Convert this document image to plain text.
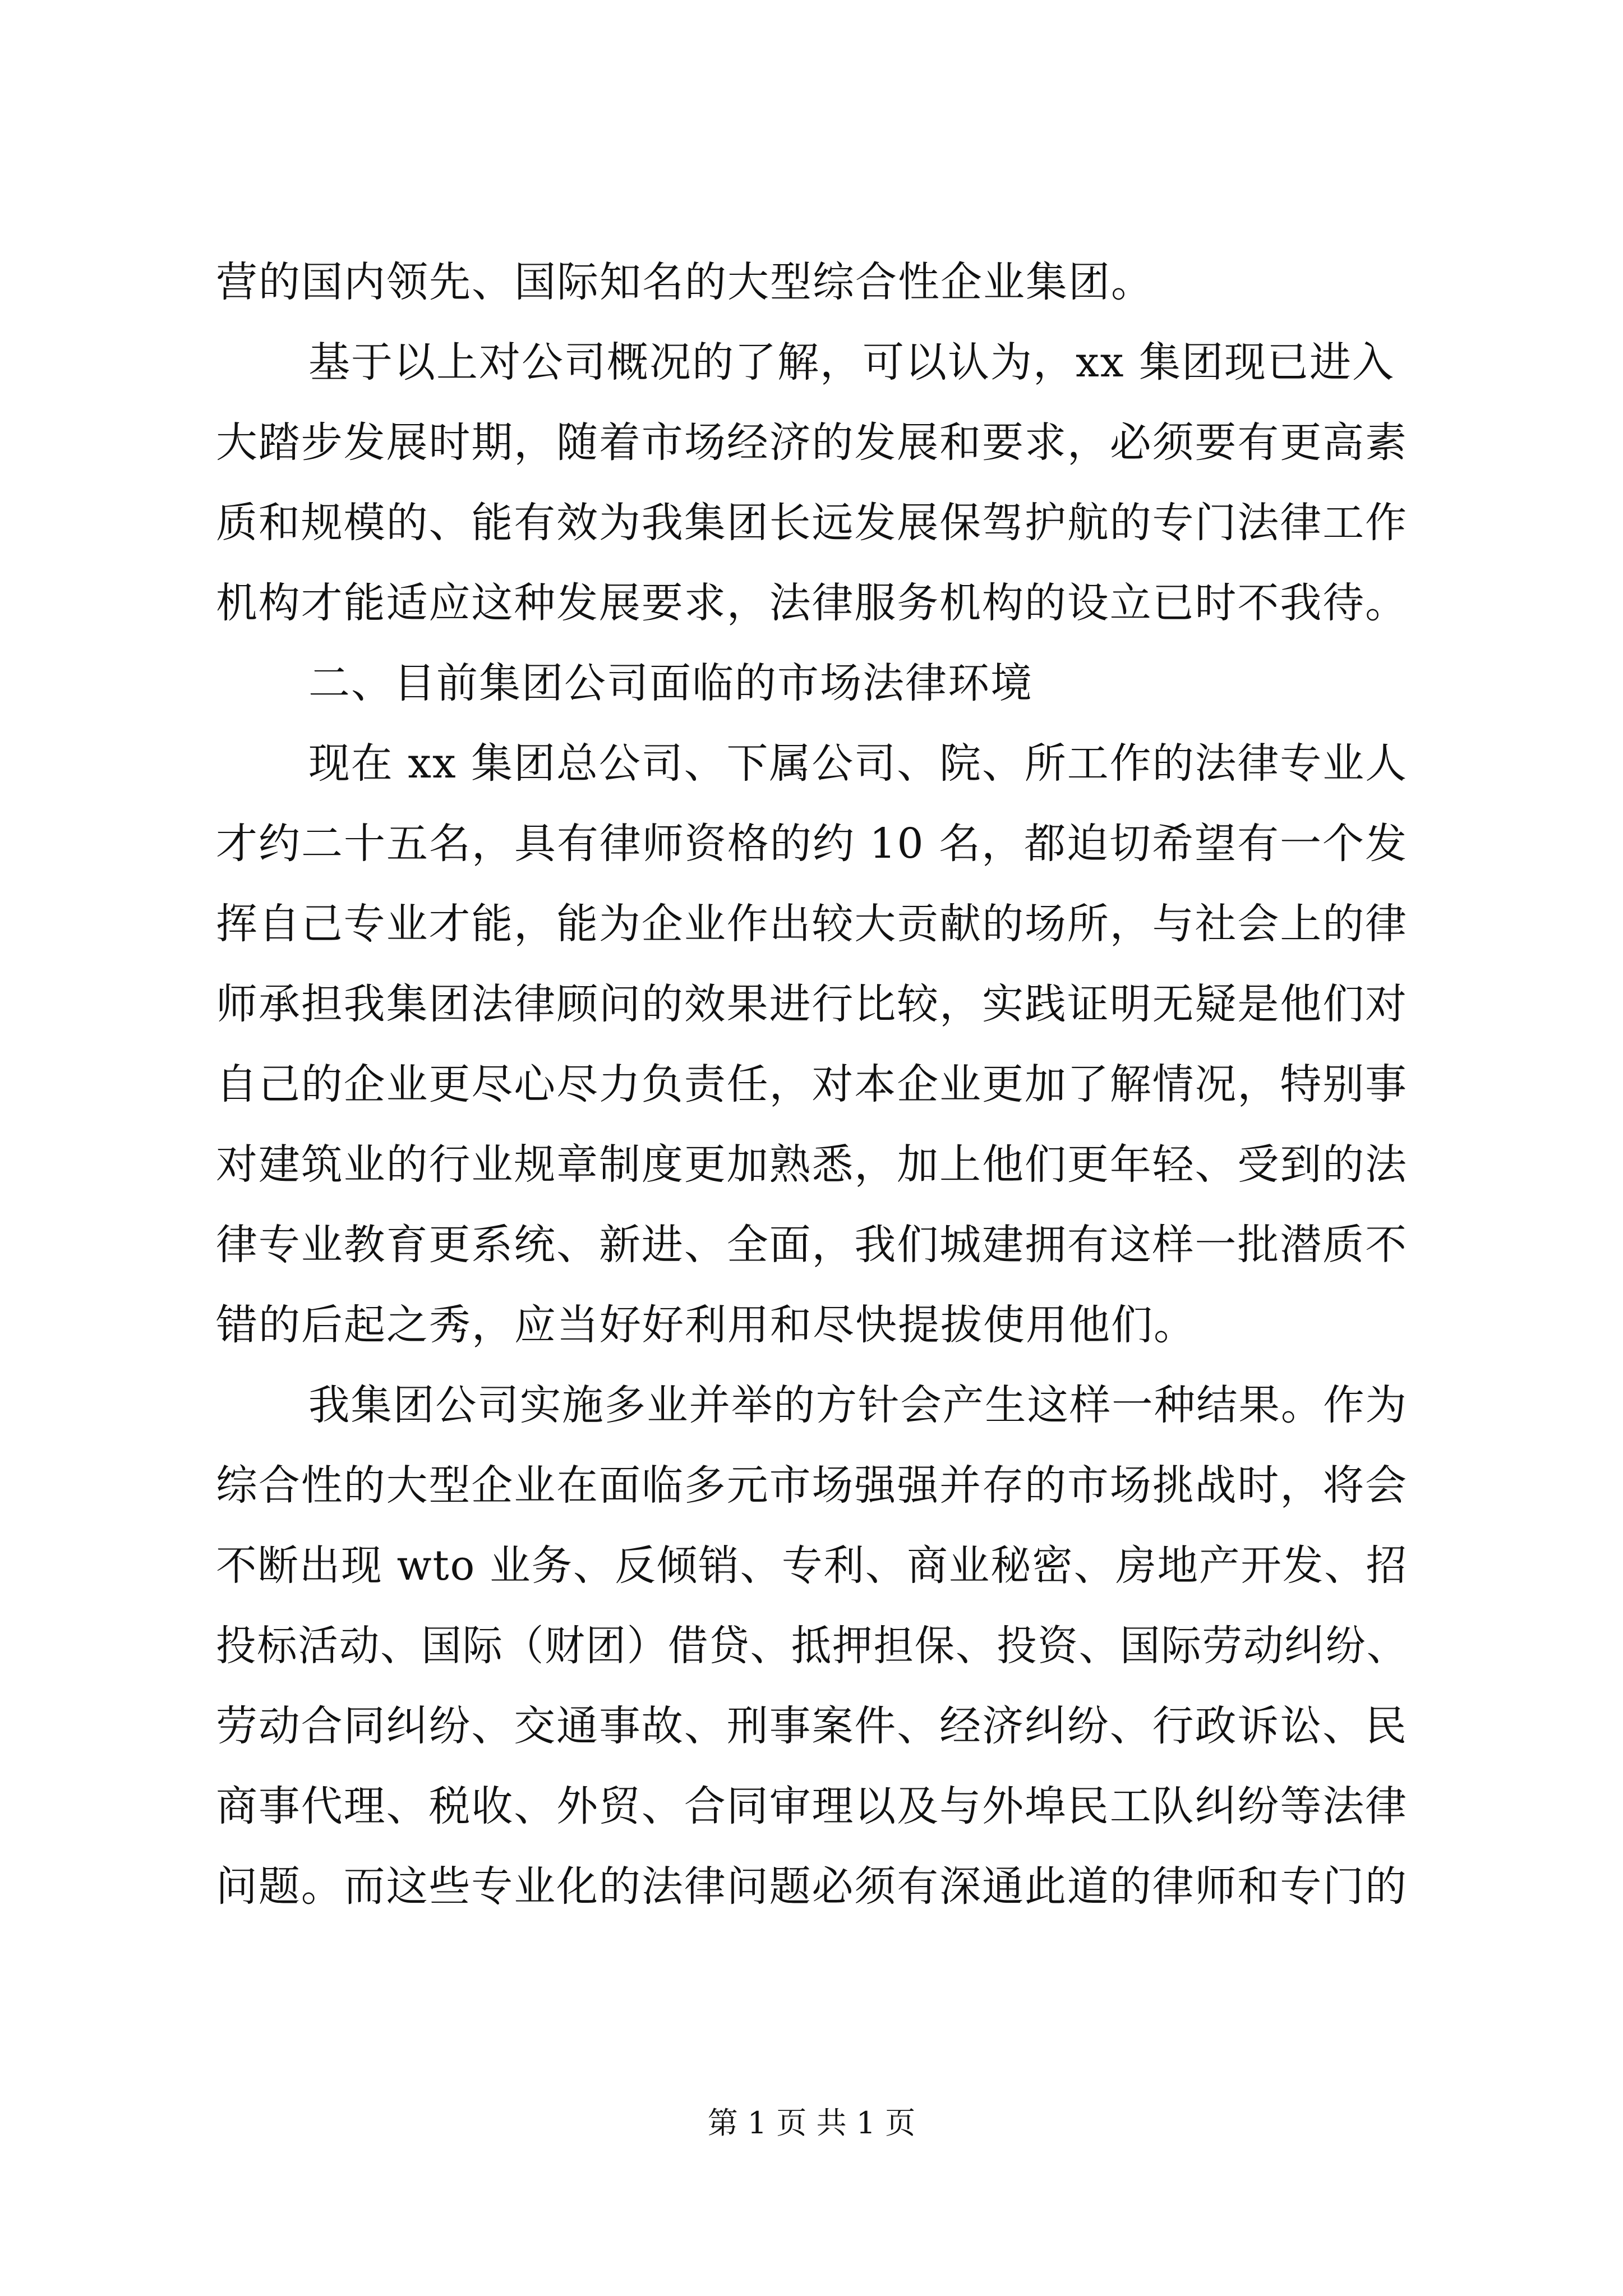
营的国内领先、国际知名的大型综合性企业集团。
基于以上对公司概况的了解，可以认为，xx 集团现已进入
大踏步发展时期，随着市场经济的发展和要求，必须要有更高素
质和规模的、能有效为我集团长远发展保驾护航的专门法律工作
机构才能适应这种发展要求，法律服务机构的设立已时不我待。
二、目前集团公司面临的市场法律环境
现在 xx 集团总公司、下属公司、院、所工作的法律专业人
才约二十五名，具有律师资格的约 10 名，都迫切希望有一个发
挥自己专业才能，能为企业作出较大贡献的场所，与社会上的律
师承担我集团法律顾问的效果进行比较，实践证明无疑是他们对
自己的企业更尽心尽力负责任，对本企业更加了解情况，特别事
对建筑业的行业规章制度更加熟悉，加上他们更年轻、受到的法
律专业教育更系统、新进、全面，我们城建拥有这样一批潜质不
错的后起之秀，应当好好利用和尽快提拔使用他们。
我集团公司实施多业并举的方针会产生这样一种结果。作为
综合性的大型企业在面临多元市场强强并存的市场挑战时，将会
不断出现 wto 业务、反倾销、专利、商业秘密、房地产开发、招
投标活动、国际（财团）借贷、抵押担保、投资、国际劳动纠纷、
劳动合同纠纷、交通事故、刑事案件、经济纠纷、行政诉讼、民
商事代理、税收、外贸、合同审理以及与外埠民工队纠纷等法律
问题。而这些专业化的法律问题必须有深通此道的律师和专门的
第 1 页 共 1 页
